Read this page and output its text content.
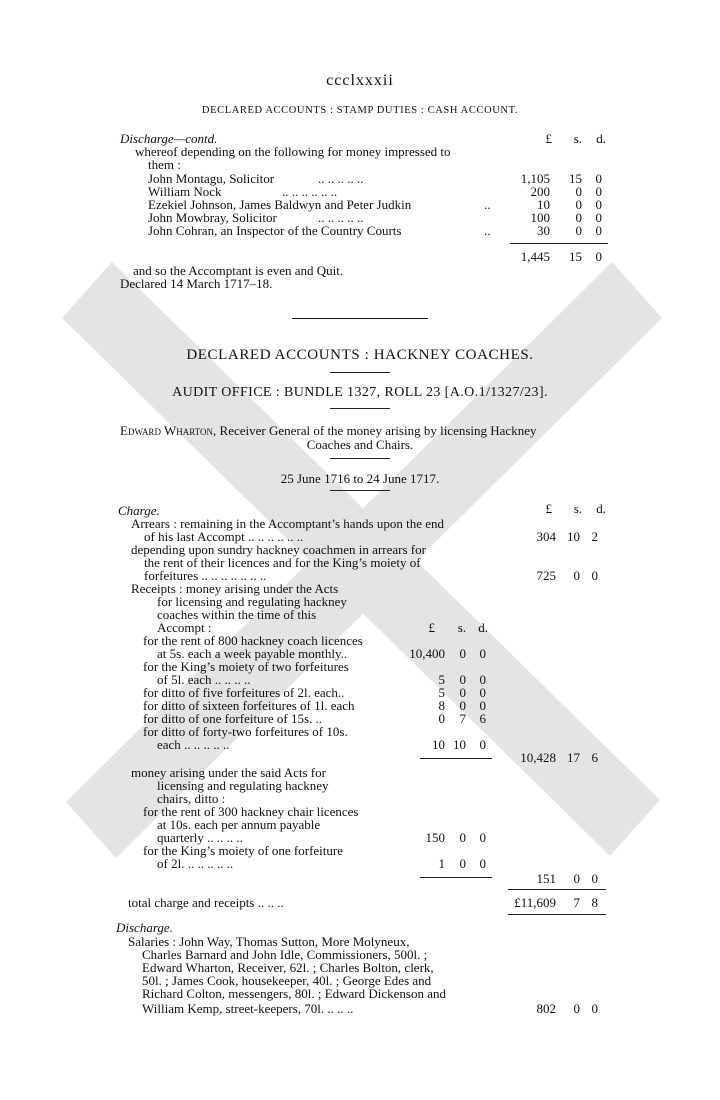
ccclxxxii
DECLARED ACCOUNTS : STAMP DUTIES : CASH ACCOUNT.
Discharge—contd.	£	s.	d.
whereof depending on the following for money impressed to
them :
John Montagu, Solicitor	.. .. .. .. ..	1,105	15	0
William Nock	.. .. .. .. .. ..	200	0	0
Ezekiel Johnson, James Baldwyn and Peter Judkin	..	10	0	0
John Mowbray, Solicitor	.. .. .. .. ..	100	0	0
John Cohran, an Inspector of the Country Courts	..	30	0	0
1,445	15	0
and so the Accomptant is even and Quit.
Declared 14 March 1717–18.
DECLARED ACCOUNTS : HACKNEY COACHES.
AUDIT OFFICE : BUNDLE 1327, ROLL 23 [A.O.1/1327/23].
Edward Wharton, Receiver General of the money arising by licensing Hackney
Coaches and Chairs.
25 June 1716 to 24 June 1717.
Charge.	£	s.	d.
Arrears : remaining in the Accomptant’s hands upon the end
of his last Accompt .. .. .. .. .. ..	304 10 2
depending upon sundry hackney coachmen in arrears for
the rent of their licences and for the King’s moiety of
forfeitures .. .. .. .. .. .. ..	725	0 0
Receipts : money arising under the Acts
for licensing and regulating hackney
coaches within the time of this
Accompt :	£	s. d.
for the rent of 800 hackney coach licences
at 5s. each a week payable monthly..	10,400	0	0
for the King’s moiety of two forfeitures
of 5l. each .. .. .. ..	5	0	0
for ditto of five forfeitures of 2l. each..	5	0	0
for ditto of sixteen forfeitures of 1l. each	8	0	0
for ditto of one forfeiture of 15s. ..	0	7	6
for ditto of forty-two forfeitures of 10s.
each .. .. .. .. ..	10 10	0
10,428 17 6
money arising under the said Acts for
licensing and regulating hackney
chairs, ditto :
for the rent of 300 hackney chair licences
at 10s. each per annum payable
quarterly .. .. .. ..	150	0	0
for the King’s moiety of one forfeiture
of 2l. .. .. .. .. ..	1	0	0
151	0 0
total charge and receipts .. .. ..	£11,609	7 8
Discharge.
Salaries : John Way, Thomas Sutton, More Molyneux,
Charles Barnard and John Idle, Commissioners, 500l. ;
Edward Wharton, Receiver, 62l. ; Charles Bolton, clerk,
50l. ; James Cook, housekeeper, 40l. ; George Edes and
Richard Colton, messengers, 80l. ; Edward Dickenson and
William Kemp, street-keepers, 70l. .. .. ..	802	0 0
